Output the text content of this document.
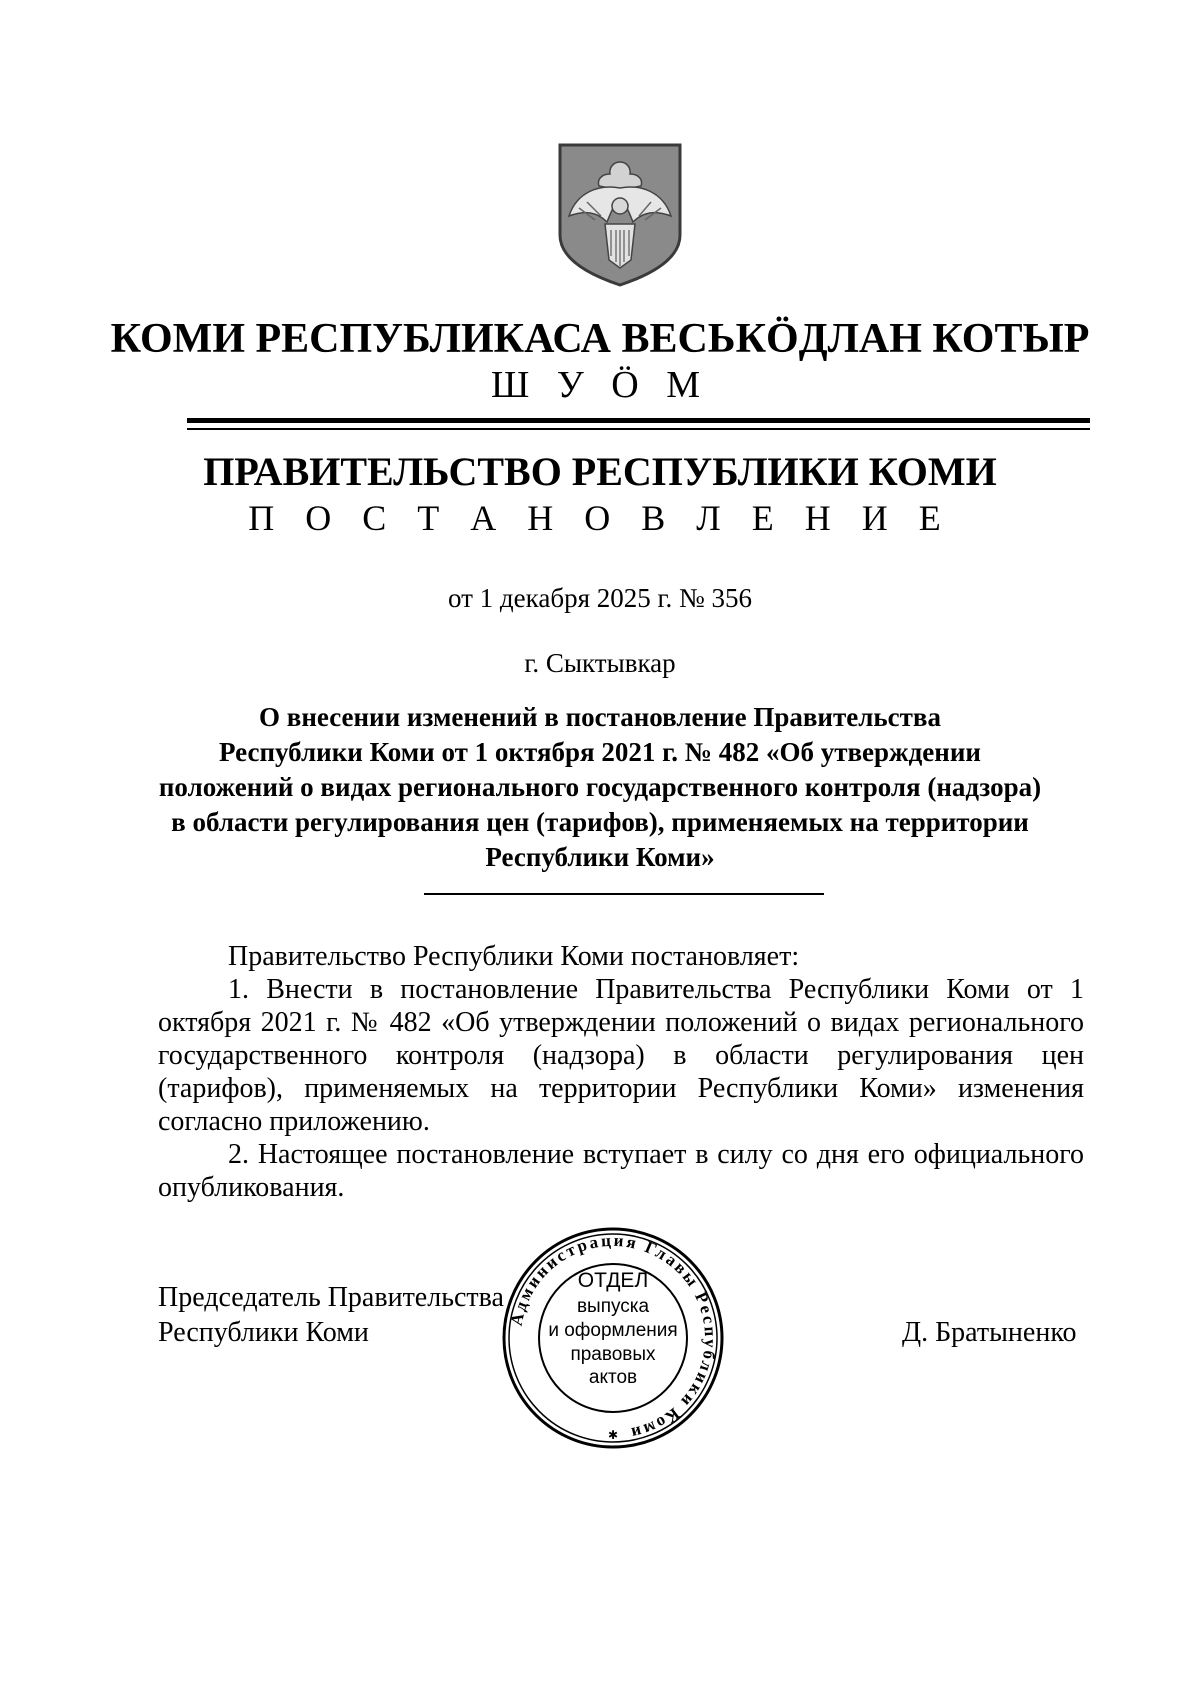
КОМИ РЕСПУБЛИКАСА ВЕСЬКӦДЛАН КОТЫР
Ш У Ӧ М
ПРАВИТЕЛЬСТВО РЕСПУБЛИКИ КОМИ
П О С Т А Н О В Л Е Н И Е
от 1 декабря 2025 г. № 356
г. Сыктывкар
О внесении изменений в постановление Правительства
Республики Коми от 1 октября 2021 г. № 482 «Об утверждении
положений о видах регионального государственного контроля (надзора)
в области регулирования цен (тарифов), применяемых на территории
Республики Коми»
Правительство Республики Коми постановляет:
1. Внести в постановление Правительства Республики Коми от 1 октября 2021 г. № 482 «Об утверждении положений о видах регионального государственного контроля (надзора) в области регулирования цен (тарифов), применяемых на территории Республики Коми» изменения согласно приложению.
2. Настоящее постановление вступает в силу со дня его официального опубликования.
Председатель Правительства
Республики Коми	Д. Братыненко
Администрация Главы Республики Коми
ОТДЕЛ
выпуска
и оформления
правовых
актов
✱
